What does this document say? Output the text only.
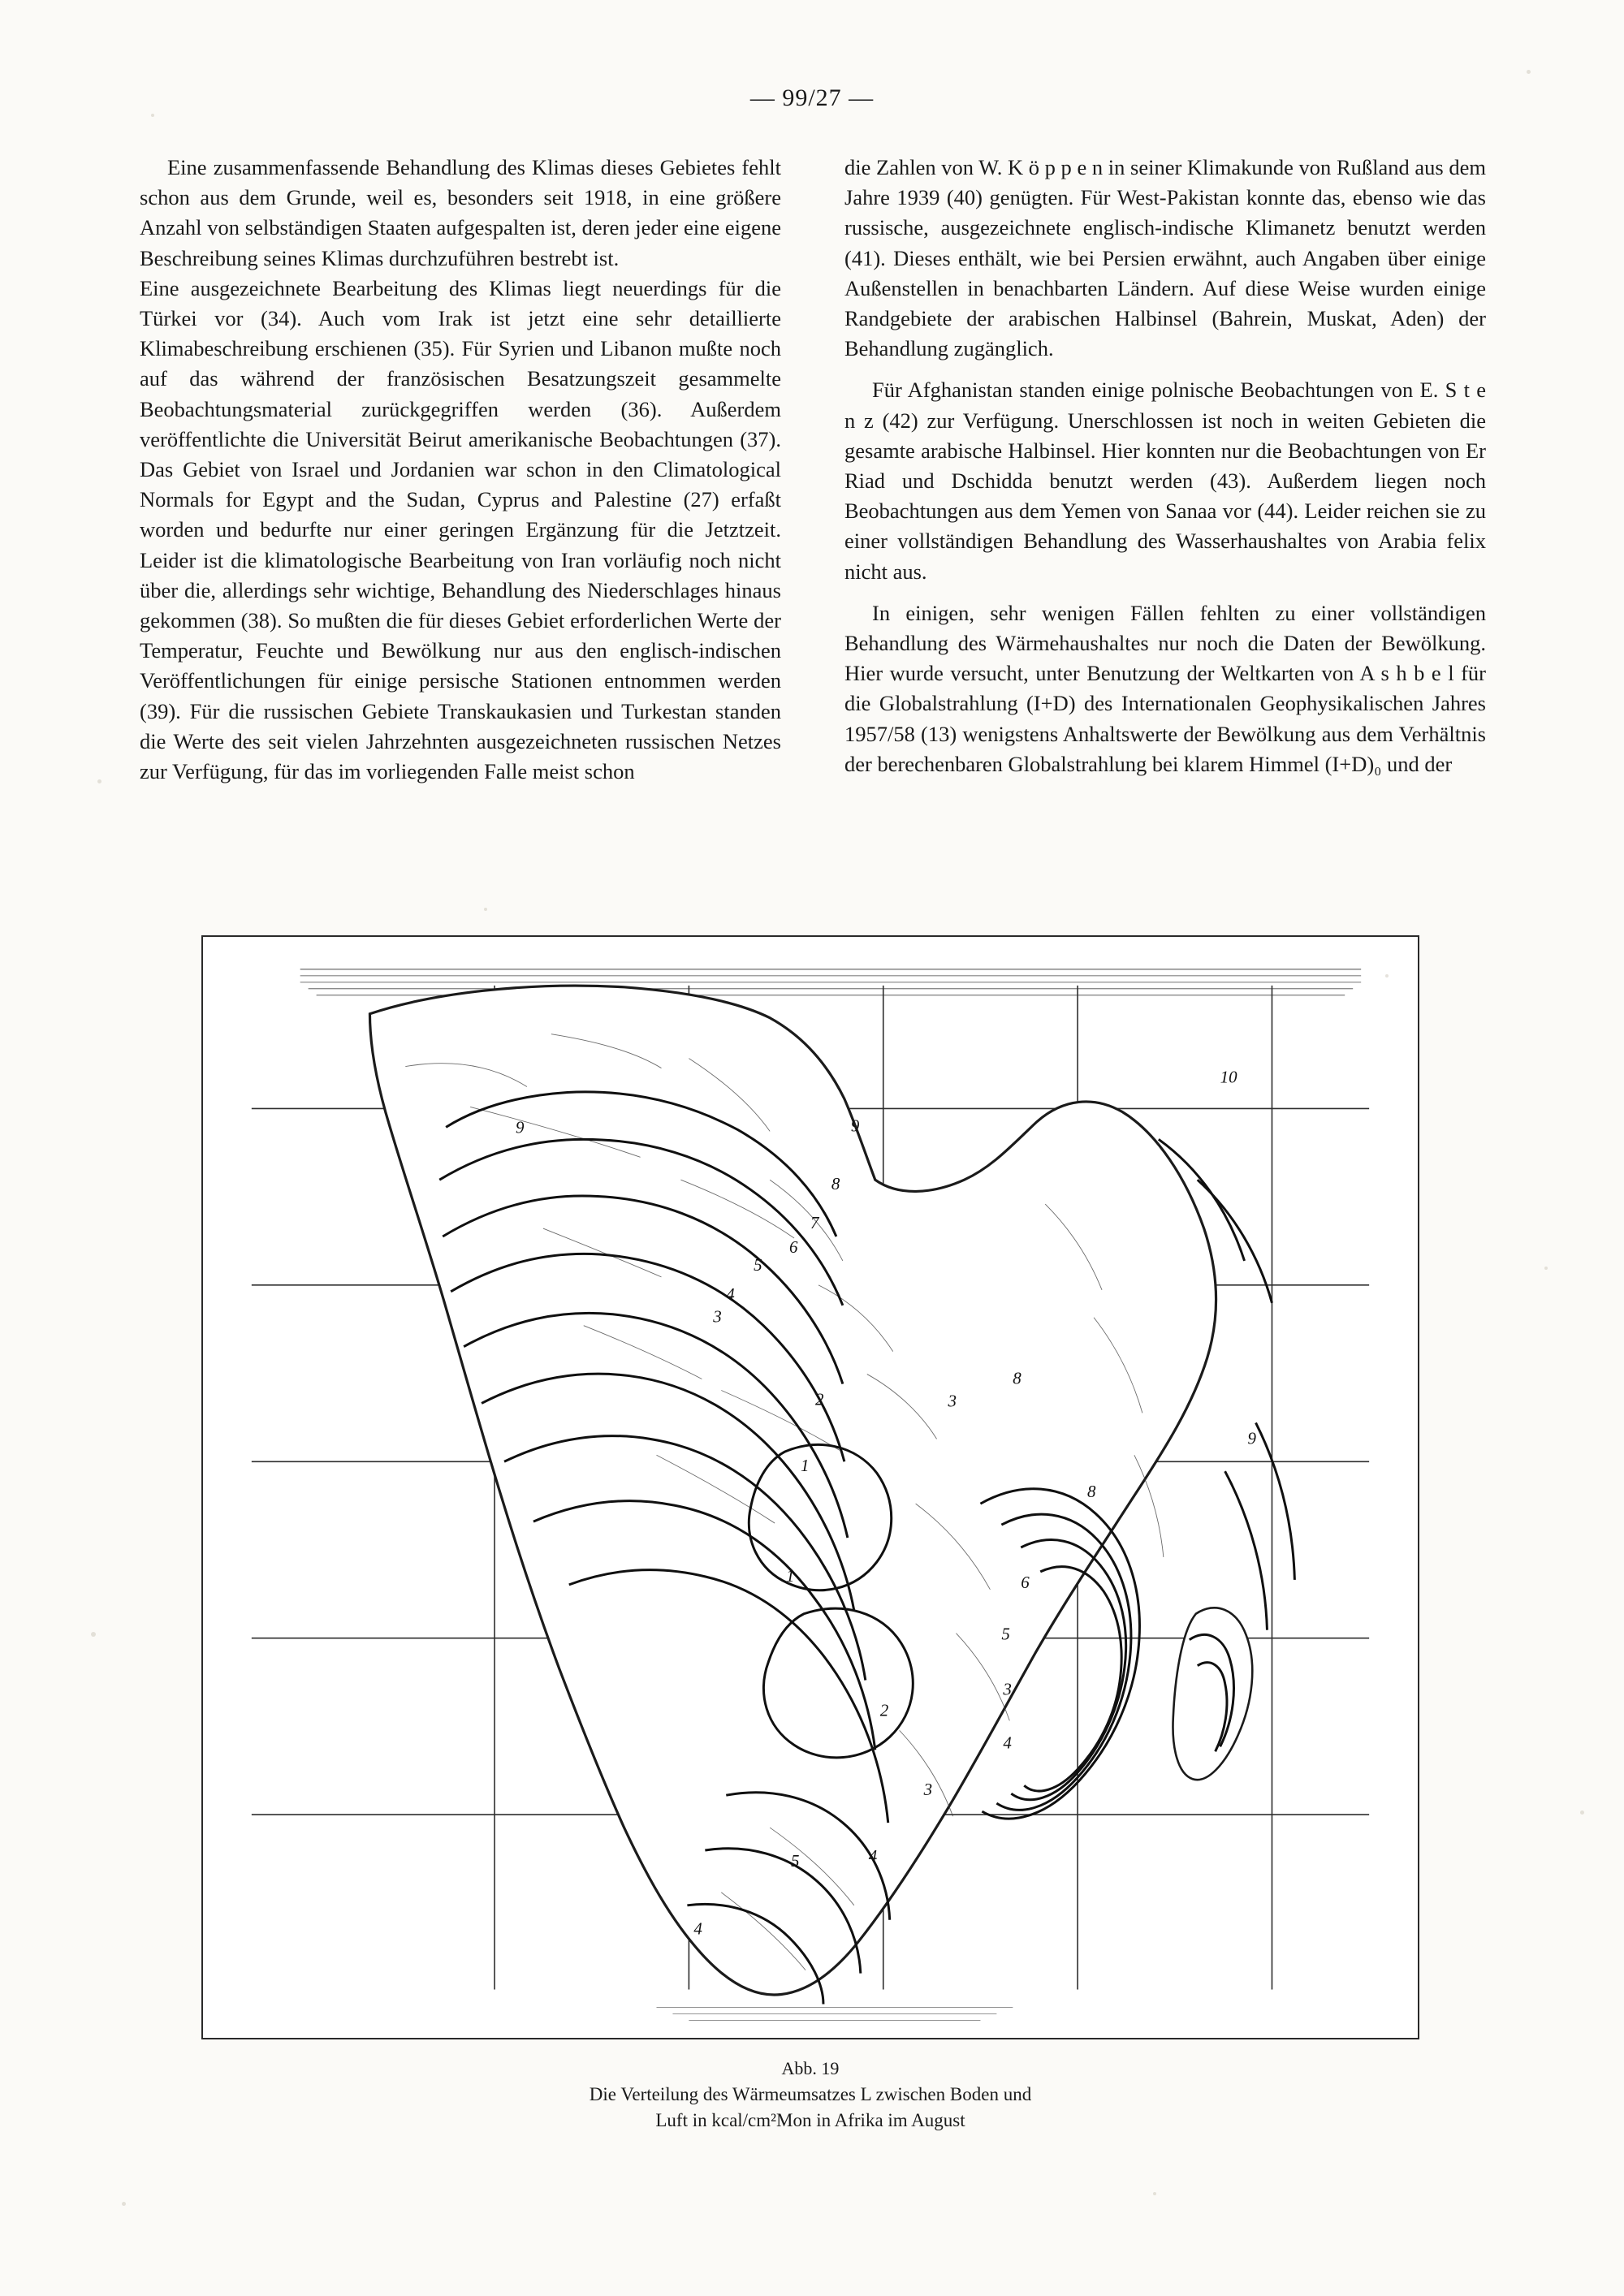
— 99/27 —

Eine zusammenfassende Behandlung des Klimas dieses Gebietes fehlt schon aus dem Grunde, weil es, besonders seit 1918, in eine größere Anzahl von selbständigen Staaten aufgespalten ist, deren jeder eine eigene Beschreibung seines Klimas durchzuführen bestrebt ist.

Eine ausgezeichnete Bearbeitung des Klimas liegt neuerdings für die Türkei vor (34). Auch vom Irak ist jetzt eine sehr detaillierte Klimabeschreibung erschienen (35). Für Syrien und Libanon mußte noch auf das während der französischen Besatzungszeit gesammelte Beobachtungsmaterial zurückgegriffen werden (36). Außerdem veröffentlichte die Universität Beirut amerikanische Beobachtungen (37). Das Gebiet von Israel und Jordanien war schon in den Climatological Normals for Egypt and the Sudan, Cyprus and Palestine (27) erfaßt worden und bedurfte nur einer geringen Ergänzung für die Jetztzeit. Leider ist die klimatologische Bearbeitung von Iran vorläufig noch nicht über die, allerdings sehr wichtige, Behandlung des Niederschlages hinaus gekommen (38). So mußten die für dieses Gebiet erforderlichen Werte der Temperatur, Feuchte und Bewölkung nur aus den englisch-indischen Veröffentlichungen für einige persische Stationen entnommen werden (39). Für die russischen Gebiete Transkaukasien und Turkestan standen die Werte des seit vielen Jahrzehnten ausgezeichneten russischen Netzes zur Verfügung, für das im vorliegenden Falle meist schon

die Zahlen von W. K ö p p e n in seiner Klimakunde von Rußland aus dem Jahre 1939 (40) genügten. Für West-Pakistan konnte das, ebenso wie das russische, ausgezeichnete englisch-indische Klimanetz benutzt werden (41). Dieses enthält, wie bei Persien erwähnt, auch Angaben über einige Außenstellen in benachbarten Ländern. Auf diese Weise wurden einige Randgebiete der arabischen Halbinsel (Bahrein, Muskat, Aden) der Behandlung zugänglich.

Für Afghanistan standen einige polnische Beobachtungen von E. S t e n z (42) zur Verfügung. Unerschlossen ist noch in weiten Gebieten die gesamte arabische Halbinsel. Hier konnten nur die Beobachtungen von Er Riad und Dschidda benutzt werden (43). Außerdem liegen noch Beobachtungen aus dem Yemen von Sanaa vor (44). Leider reichen sie zu einer vollständigen Behandlung des Wasserhaushaltes von Arabia felix nicht aus.

In einigen, sehr wenigen Fällen fehlten zu einer vollständigen Behandlung des Wärmehaushaltes nur noch die Daten der Bewölkung. Hier wurde versucht, unter Benutzung der Weltkarten von A s h b e l für die Globalstrahlung (I+D) des Internationalen Geophysikalischen Jahres 1957/58 (13) wenigstens Anhaltswerte der Bewölkung aus dem Verhältnis der berechenbaren Globalstrahlung bei klarem Himmel (I+D)₀ und der

9	9
10
8
7
6
5
4
3
2
1
1
3
8
9
8
6
5
3
2
4
3
5	4
4
Abb. 19
Die Verteilung des Wärmeumsatzes L zwischen Boden und
Luft in kcal/cm²Mon in Afrika im August
